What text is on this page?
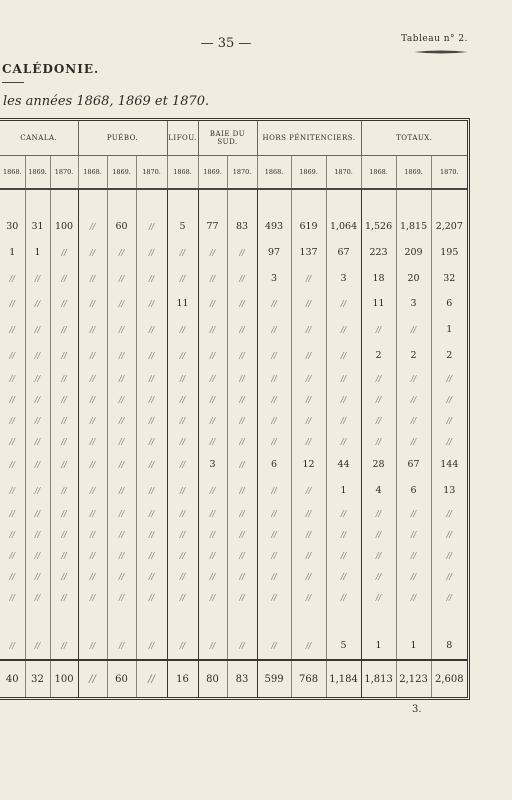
— 35 —	Tableau n° 2.
CALÉDONIE.
les années 1868, 1869 et 1870.
CANALA.			PUÉBO.			LIFOU.	BAIE DU SUD.		HORS PÉNITENCIERS.			TOTAUX.		
1868.	1869.	1870.	1868.	1869.	1870.	1868.	1869.	1870.	1868.	1869.	1870.	1868.	1869.	1870.

30	31	100	//	60	//	5	77	83	493	619	1,064	1,526	1,815	2,207
1	1	//	//	//	//	//	//	//	97	137	67	223	209	195
//	//	//	//	//	//	//	//	//	3	//	3	18	20	32
//	//	//	//	//	//	11	//	//	//	//	//	11	3	6
//	//	//	//	//	//	//	//	//	//	//	//	//	//	1
//	//	//	//	//	//	//	//	//	//	//	//	2	2	2
//	//	//	//	//	//	//	//	//	//	//	//	//	//	//
//	//	//	//	//	//	//	//	//	//	//	//	//	//	//
//	//	//	//	//	//	//	//	//	//	//	//	//	//	//
//	//	//	//	//	//	//	//	//	//	//	//	//	//	//
//	//	//	//	//	//	//	3	//	6	12	44	28	67	144
//	//	//	//	//	//	//	//	//	//	//	1	4	6	13
//	//	//	//	//	//	//	//	//	//	//	//	//	//	//
//	//	//	//	//	//	//	//	//	//	//	//	//	//	//
//	//	//	//	//	//	//	//	//	//	//	//	//	//	//
//	//	//	//	//	//	//	//	//	//	//	//	//	//	//
//	//	//	//	//	//	//	//	//	//	//	//	//	//	//

//	//	//	//	//	//	//	//	//	//	//	5	1	1	8
40	32	100	//	60	//	16	80	83	599	768	1,184	1,813	2,123	2,608
3.
